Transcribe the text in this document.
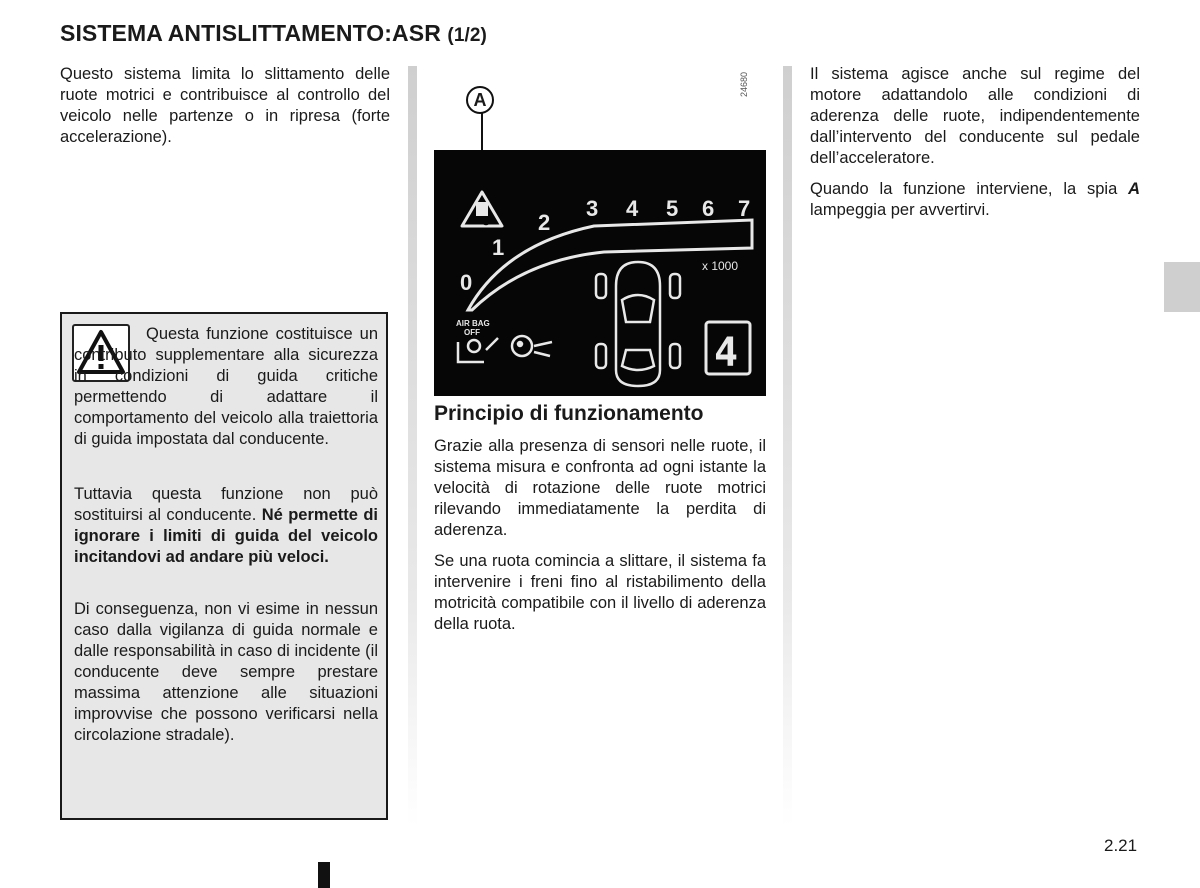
SISTEMA ANTISLITTAMENTO:ASR (1/2)

Questo sistema limita lo slittamento delle ruote motrici e contribuisce al controllo del veicolo nelle partenze o in ripresa (forte accelerazione).

Questa funzione costituisce un contributo supplementare alla sicurezza in condizioni di guida critiche permettendo di adattare il comportamento del veicolo alla traiettoria di guida impostata dal conducente.

Tuttavia questa funzione non può sostituirsi al conducente. Né permette di ignorare i limiti di guida del veicolo incitandovi ad andare più veloci.

Di conseguenza, non vi esime in nessun caso dalla vigilanza di guida normale e dalle responsabilità in caso di incidente (il conducente deve sempre prestare massima attenzione alle situazioni improvvise che possono verificarsi nella circolazione stradale).

A
24680
0
1
2
3 4 5 6 7
x 1000
AIR BAG
OFF	4
Principio di funzionamento

Grazie alla presenza di sensori nelle ruote, il sistema misura e confronta ad ogni istante la velocità di rotazione delle ruote motrici rilevando immediatamente la perdita di aderenza.

Se una ruota comincia a slittare, il sistema fa intervenire i freni fino al ristabilimento della motricità compatibile con il livello di aderenza della ruota.

Il sistema agisce anche sul regime del motore adattandolo alle condizioni di aderenza delle ruote, indipendentemente dall’intervento del conducente sul pedale dell’acceleratore.

Quando la funzione interviene, la spia A lampeggia per avvertirvi.

2.21
